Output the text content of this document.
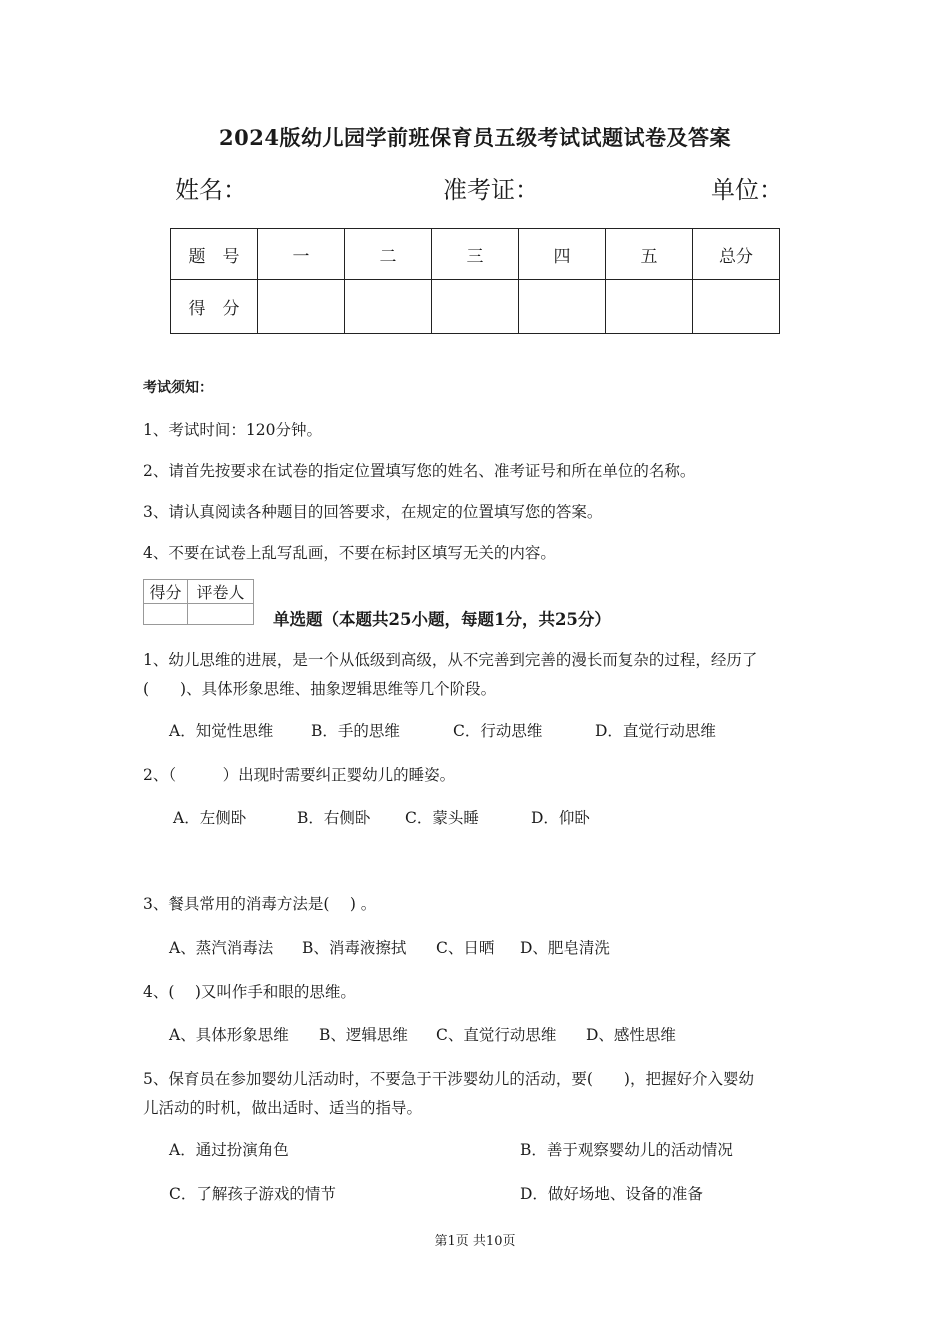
2024版幼儿园学前班保育员五级考试试题试卷及答案
姓名：	准考证：	单位：
题　号	一	二	三	四	五	总分
得　分						
考试须知：
1、考试时间：120分钟。
2、请首先按要求在试卷的指定位置填写您的姓名、准考证号和所在单位的名称。
3、请认真阅读各种题目的回答要求，在规定的位置填写您的答案。
4、不要在试卷上乱写乱画，不要在标封区填写无关的内容。
得分	评卷人

单选题（本题共25小题，每题1分，共25分）
1、幼儿思维的进展，是一个从低级到高级，从不完善到完善的漫长而复杂的过程，经历了
(　　)、具体形象思维、抽象逻辑思维等几个阶段。
A．知觉性思维 B．手的思维	C．行动思维	D．直觉行动思维
2、（　　　）出现时需要纠正婴幼儿的睡姿。
A．左侧卧	B．右侧卧 C．蒙头睡	D．仰卧
3、餐具常用的消毒方法是(　 ) 。
A、蒸汽消毒法 B、消毒液擦拭 C、日晒 D、肥皂清洗
4、(　 )又叫作手和眼的思维。
A、具体形象思维 B、逻辑思维 C、直觉行动思维 D、感性思维
5、保育员在参加婴幼儿活动时，不要急于干涉婴幼儿的活动，要(　　)，把握好介入婴幼
儿活动的时机，做出适时、适当的指导。
A．通过扮演角色	B．善于观察婴幼儿的活动情况
C．了解孩子游戏的情节	D．做好场地、设备的准备
第1页 共10页
